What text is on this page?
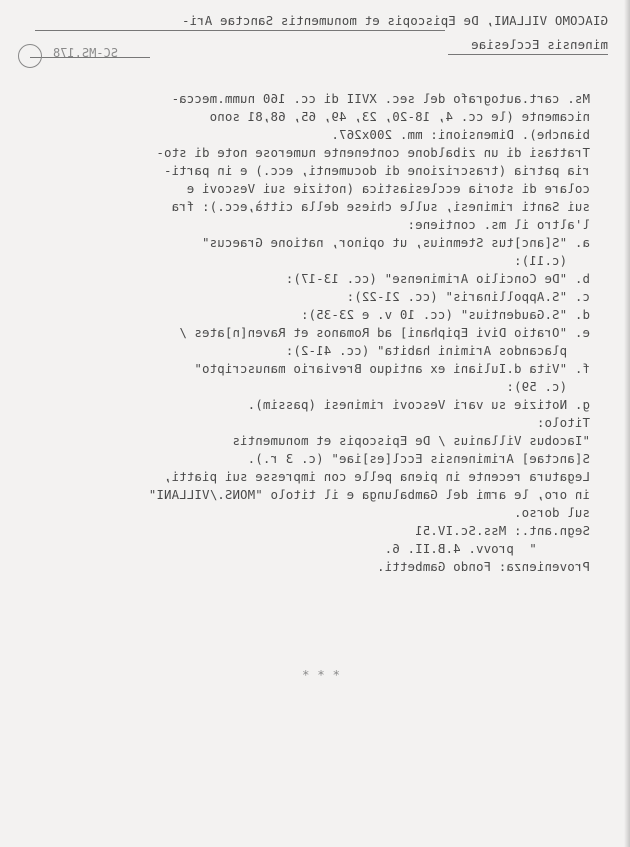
GIACOMO VILLANI, De Episcopis et monumentis Sanctae Ari-
minensis Ecclesiae
SC-MS.178
Ms. cart.autografo del sec. XVII di cc. 160 numm.mecca-
nicamente (le cc. 4, 18-20, 23, 49, 65, 68,81 sono
bianche). Dimensioni: mm. 200x267.
Trattasi di un zibaldone contenente numerose note di sto-
ria patria (trascrizione di documenti, ecc.) e in parti-
colare di storia ecclesiastica (notizie sui Vescovi e
sui Santi riminesi, sulle chiese della città,ecc.): fra
l'altro il ms. contiene:
a. "S[anc]tus Stemnius, ut opinor, natione Graecus"
(c.11):
b. "De Concilio Ariminense" (cc. 13-17):
c. "S.Appollinaris" (cc. 21-22):
d. "S.Gaudentius" (cc. 10 v. e 23-35):
e. "Oratio Divi Epiphani] ad Romanos et Raven[n]ates /
placandos Arimini habita" (cc. 41-2):
f. "Vita d.Iuliani ex antiquo Breviario manuscripto"
(c. 59):
g. Notizie su vari Vescovi riminesi (passim).
Titolo:
"Iacobus Villanius / De Episcopis et monumentis
S[anctae] Ariminensis Eccl[es]iae" (c. 3 r.).
Legatura recente in piena pelle con impresse sui piatti,
in oro, le armi del Gambalunga e il titolo "MONS./VILLANI"
sul dorso.
Segn.ant.: Mss.Sc.IV.51
"  provv. 4.B.II. 6.
Provenienza: Fondo Gambetti.
* * *
